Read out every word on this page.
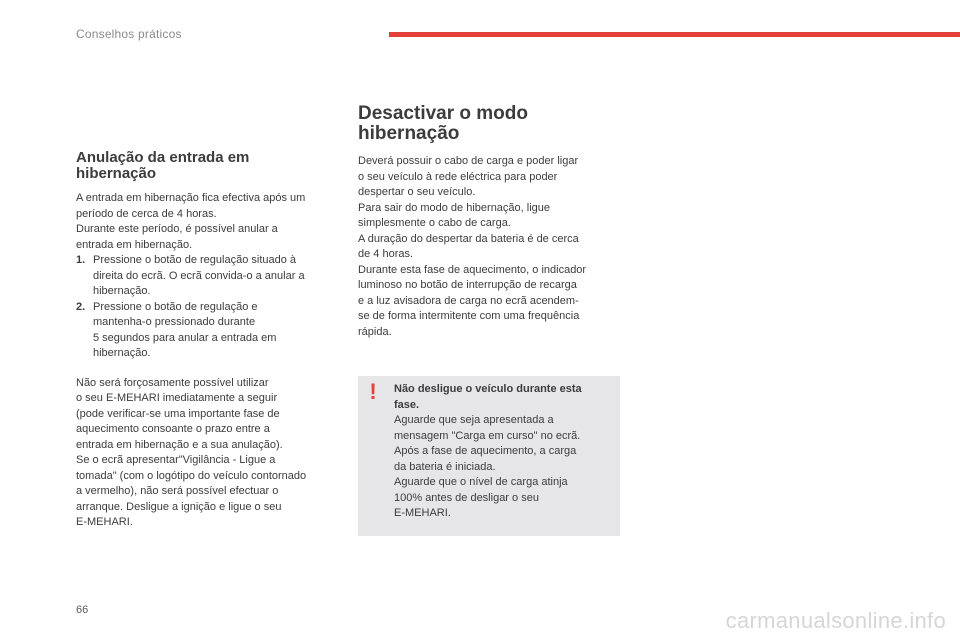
Conselhos práticos
Anulação da entrada em
hibernação

A entrada em hibernação fica efectiva após um
período de cerca de 4 horas.
Durante este período, é possível anular a
entrada em hibernação.

1. Pressione o botão de regulação situado à
direita do ecrã. O ecrã convida-o a anular a
hibernação.
2. Pressione o botão de regulação e
mantenha-o pressionado durante
5 segundos para anular a entrada em
hibernação.

Não será forçosamente possível utilizar
o seu E-MEHARI imediatamente a seguir
(pode verificar-se uma importante fase de
aquecimento consoante o prazo entre a
entrada em hibernação e a sua anulação).
Se o ecrã apresentar"Vigilância - Ligue a
tomada" (com o logótipo do veículo contornado
a vermelho), não será possível efectuar o
arranque. Desligue a ignição e ligue o seu
E-MEHARI.

Desactivar o modo
hibernação

Deverá possuir o cabo de carga e poder ligar
o seu veículo à rede eléctrica para poder
despertar o seu veículo.
Para sair do modo de hibernação, ligue
simplesmente o cabo de carga.
A duração do despertar da bateria é de cerca
de 4 horas.
Durante esta fase de aquecimento, o indicador
luminoso no botão de interrupção de recarga
e a luz avisadora de carga no ecrã acendem-
se de forma intermitente com uma frequência
rápida.

!	Não desligue o veículo durante esta
fase.

Aguarde que seja apresentada a
mensagem "Carga em curso" no ecrã.
Após a fase de aquecimento, a carga
da bateria é iniciada.
Aguarde que o nível de carga atinja
100% antes de desligar o seu
E-MEHARI.

66	carmanualsonline.info
